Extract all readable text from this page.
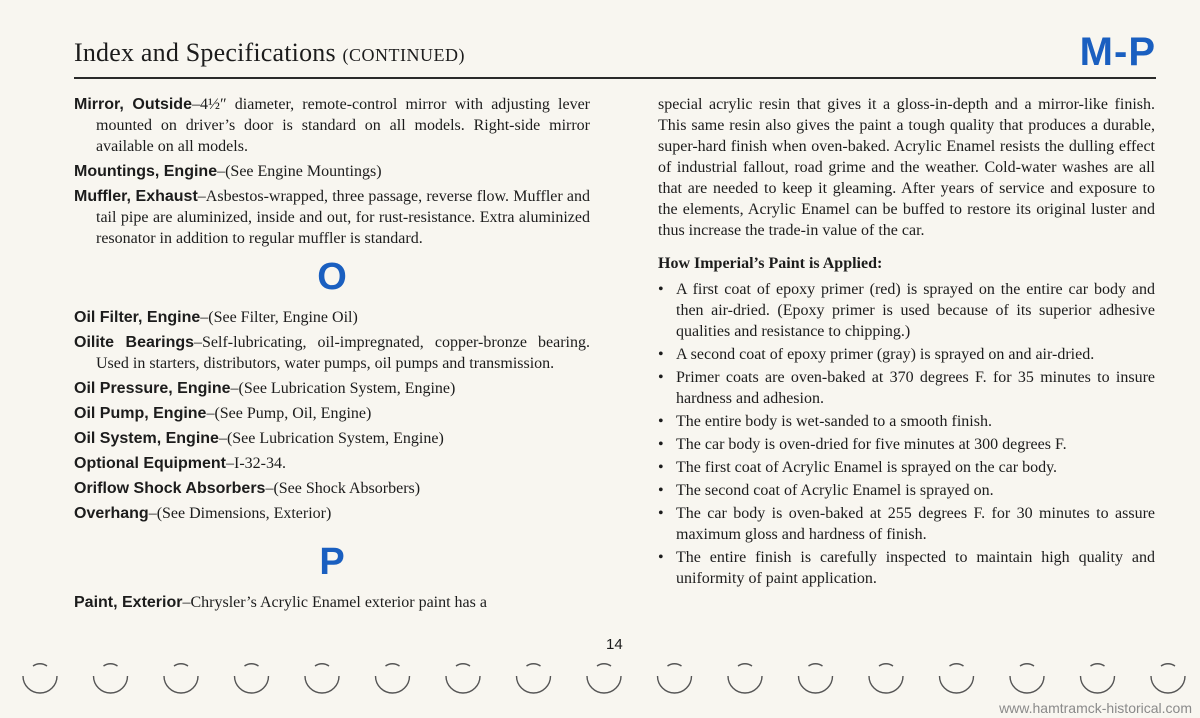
Index and Specifications (CONTINUED)	M-P

Mirror, Outside–4½″ diameter, remote-control mirror with adjusting lever mounted on driver’s door is standard on all models. Right-side mirror available on all models.

Mountings, Engine–(See Engine Mountings)

Muffler, Exhaust–Asbestos-wrapped, three passage, reverse flow. Muffler and tail pipe are aluminized, inside and out, for rust-resistance. Extra aluminized resonator in addition to regular muffler is standard.

O

Oil Filter, Engine–(See Filter, Engine Oil)

Oilite Bearings–Self-lubricating, oil-impregnated, copper-bronze bearing. Used in starters, distributors, water pumps, oil pumps and transmission.

Oil Pressure, Engine–(See Lubrication System, Engine)

Oil Pump, Engine–(See Pump, Oil, Engine)

Oil System, Engine–(See Lubrication System, Engine)

Optional Equipment–I-32-34.

Oriflow Shock Absorbers–(See Shock Absorbers)

Overhang–(See Dimensions, Exterior)

P

Paint, Exterior–Chrysler’s Acrylic Enamel exterior paint has a

special acrylic resin that gives it a gloss-in-depth and a mirror-like finish. This same resin also gives the paint a tough quality that produces a durable, super-hard finish when oven-baked. Acrylic Enamel resists the dulling effect of industrial fallout, road grime and the weather. Cold-water washes are all that are needed to keep it gleaming. After years of service and exposure to the elements, Acrylic Enamel can be buffed to restore its original luster and thus increase the trade-in value of the car.

How Imperial’s Paint is Applied:
• A first coat of epoxy primer (red) is sprayed on the entire car body and then air-dried. (Epoxy primer is used because of its superior adhesive qualities and resistance to chipping.)
• A second coat of epoxy primer (gray) is sprayed on and air-dried.
• Primer coats are oven-baked at 370 degrees F. for 35 minutes to insure hardness and adhesion.
• The entire body is wet-sanded to a smooth finish.
• The car body is oven-dried for five minutes at 300 degrees F.
• The first coat of Acrylic Enamel is sprayed on the car body.
• The second coat of Acrylic Enamel is sprayed on.
• The car body is oven-baked at 255 degrees F. for 30 minutes to assure maximum gloss and hardness of finish.
• The entire finish is carefully inspected to maintain high quality and uniformity of paint application.
14
www.hamtramck-historical.com
